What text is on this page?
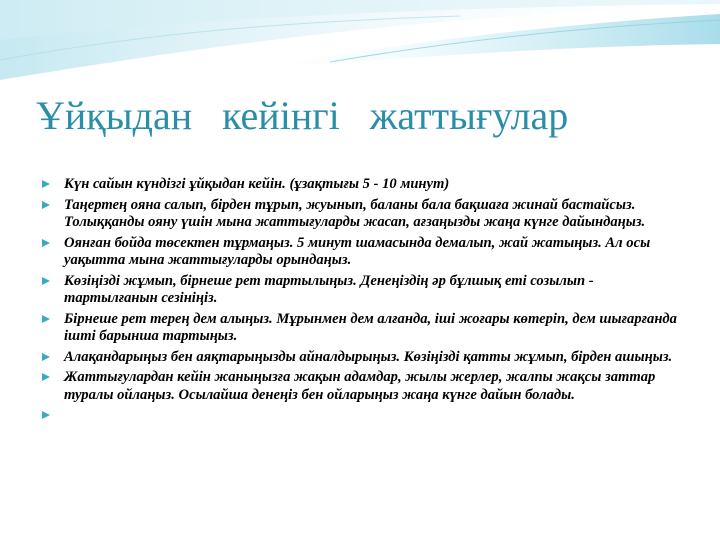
Ұйқыдан   кейінгі   жаттығулар
Күн сайын күндізгі ұйқыдан кейін. (ұзақтығы 5 - 10 минут)
Таңертең ояна салып, бірден тұрып, жуынып, баланы бала бақшаға жинай бастайсыз. Толыққанды ояну үшін мына жаттығуларды жасап, ағзаңызды жаңа күнге дайындаңыз.
Оянған бойда төсектен тұрмаңыз. 5 минут шамасында демалып, жай жатыңыз. Ал осы уақытта мына жаттығуларды орындаңыз.
Көзіңізді жұмып, бірнеше рет тартылыңыз. Денеңіздің әр бұлшық еті созылып - тартылғанын сезініңіз.
Бірнеше рет терең дем алыңыз. Мұрынмен дем алғанда, іші жоғары көтеріп, дем шығарғанда ішті барынша тартыңыз.
Алақандарыңыз бен аяқтарыңызды айналдырыңыз. Көзіңізді қатты жұмып, бірден ашыңыз.
Жаттығулардан кейін жаныңызға жақын адамдар, жылы жерлер, жалпы жақсы заттар туралы ойлаңыз. Осылайша денеңіз бен ойларыңыз жаңа күнге дайын болады.
